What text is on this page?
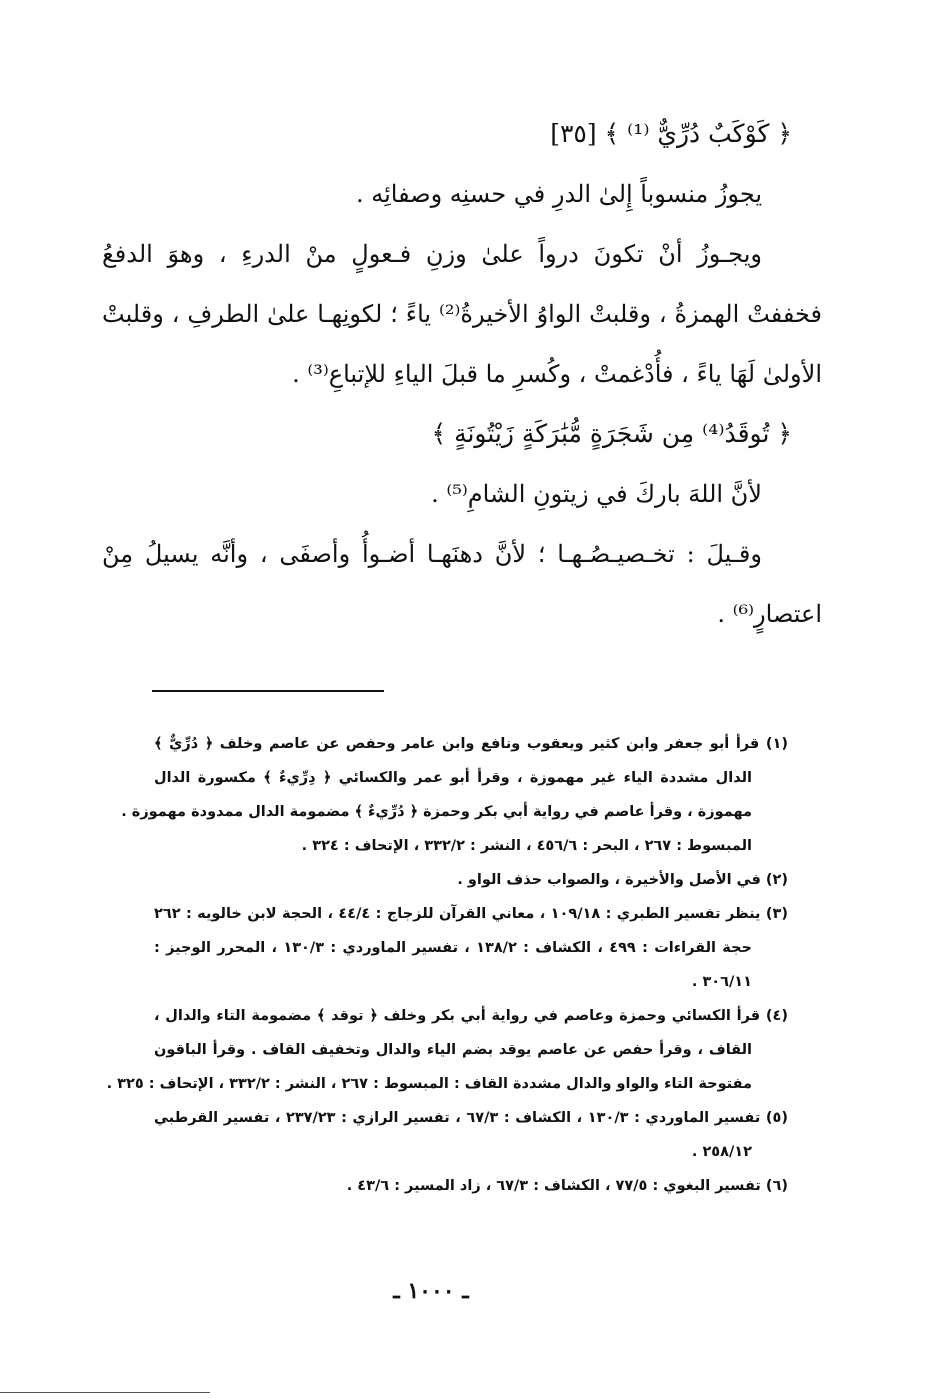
﴿ كَوْكَبٌ دُرِّيٌّ ⁽¹⁾ ﴾ [٣٥]
يجوزُ منسوباً إِلىٰ الدرِ في حسنِه وصفائِه .
ويجـوزُ أنْ تكونَ درواً علىٰ وزنِ فـعولٍ منْ الدرءِ ، وهوَ الدفعُ
فخففتْ الهمزةُ ، وقلبتْ الواوُ الأخيرةُ⁽²⁾ ياءً ؛ لكونِهـا علىٰ الطرفِ ، وقلبتْ
الأولىٰ لَهَا ياءً ، فأُدْغمتْ ، وكُسرِ ما قبلَ الياءِ للإتباعِ⁽³⁾ .
﴿ تُوقَدُ⁽⁴⁾ مِن شَجَرَةٍ مُّبَٰرَكَةٍ زَيْتُونَةٍ ﴾
لأنَّ اللهَ باركَ في زيتونِ الشامِ⁽⁵⁾ .
وقـيلَ : تخـصيـصُـهـا ؛ لأنَّ دهنَهـا أضـوأُ وأصفَى ، وأنَّه يسيلُ مِنْ
اعتصارٍ⁽⁶⁾ .
(١) قرأ أبو جعفر وابن كثير ويعقوب ونافع وابن عامر وحفص عن عاصم وخلف ﴿ دُرِّيٌّ ﴾
الدال مشددة الياء غير مهموزة ، وقرأ أبو عمر والكسائي ﴿ دِرِّيءٌ ﴾ مكسورة الدال
مهموزة ، وقرأ عاصم في رواية أبي بكر وحمزة ﴿ دُرِّيءٌ ﴾ مضمومة الدال ممدودة مهموزة .
المبسوط : ٢٦٧ ، البحر : ٤٥٦/٦ ، النشر : ٣٣٢/٢ ، الإتحاف : ٣٢٤ .
(٢) في الأصل والأخيرة ، والصواب حذف الواو .
(٣) ينظر تفسير الطبري : ١٠٩/١٨ ، معاني القرآن للزجاج : ٤٤/٤ ، الحجة لابن خالويه : ٢٦٢
حجة القراءات : ٤٩٩ ، الكشاف : ١٣٨/٢ ، تفسير الماوردي : ١٣٠/٣ ، المحرر الوجيز :
٣٠٦/١١ .
(٤) قرأ الكسائي وحمزة وعاصم في رواية أبي بكر وخلف ﴿ توقد ﴾ مضمومة التاء والدال ،
القاف ، وقرأ حفص عن عاصم يوقد بضم الياء والدال وتخفيف القاف . وقرأ الباقون
مفتوحة التاء والواو والدال مشددة القاف : المبسوط : ٢٦٧ ، النشر : ٣٣٢/٢ ، الإتحاف : ٣٢٥ .
(٥) تفسير الماوردي : ١٣٠/٣ ، الكشاف : ٦٧/٣ ، تفسير الرازي : ٢٣٧/٢٣ ، تفسير القرطبي
٢٥٨/١٢ .
(٦) تفسير البغوي : ٧٧/٥ ، الكشاف : ٦٧/٣ ، زاد المسير : ٤٣/٦ .
ـ ١٠٠٠ ـ
